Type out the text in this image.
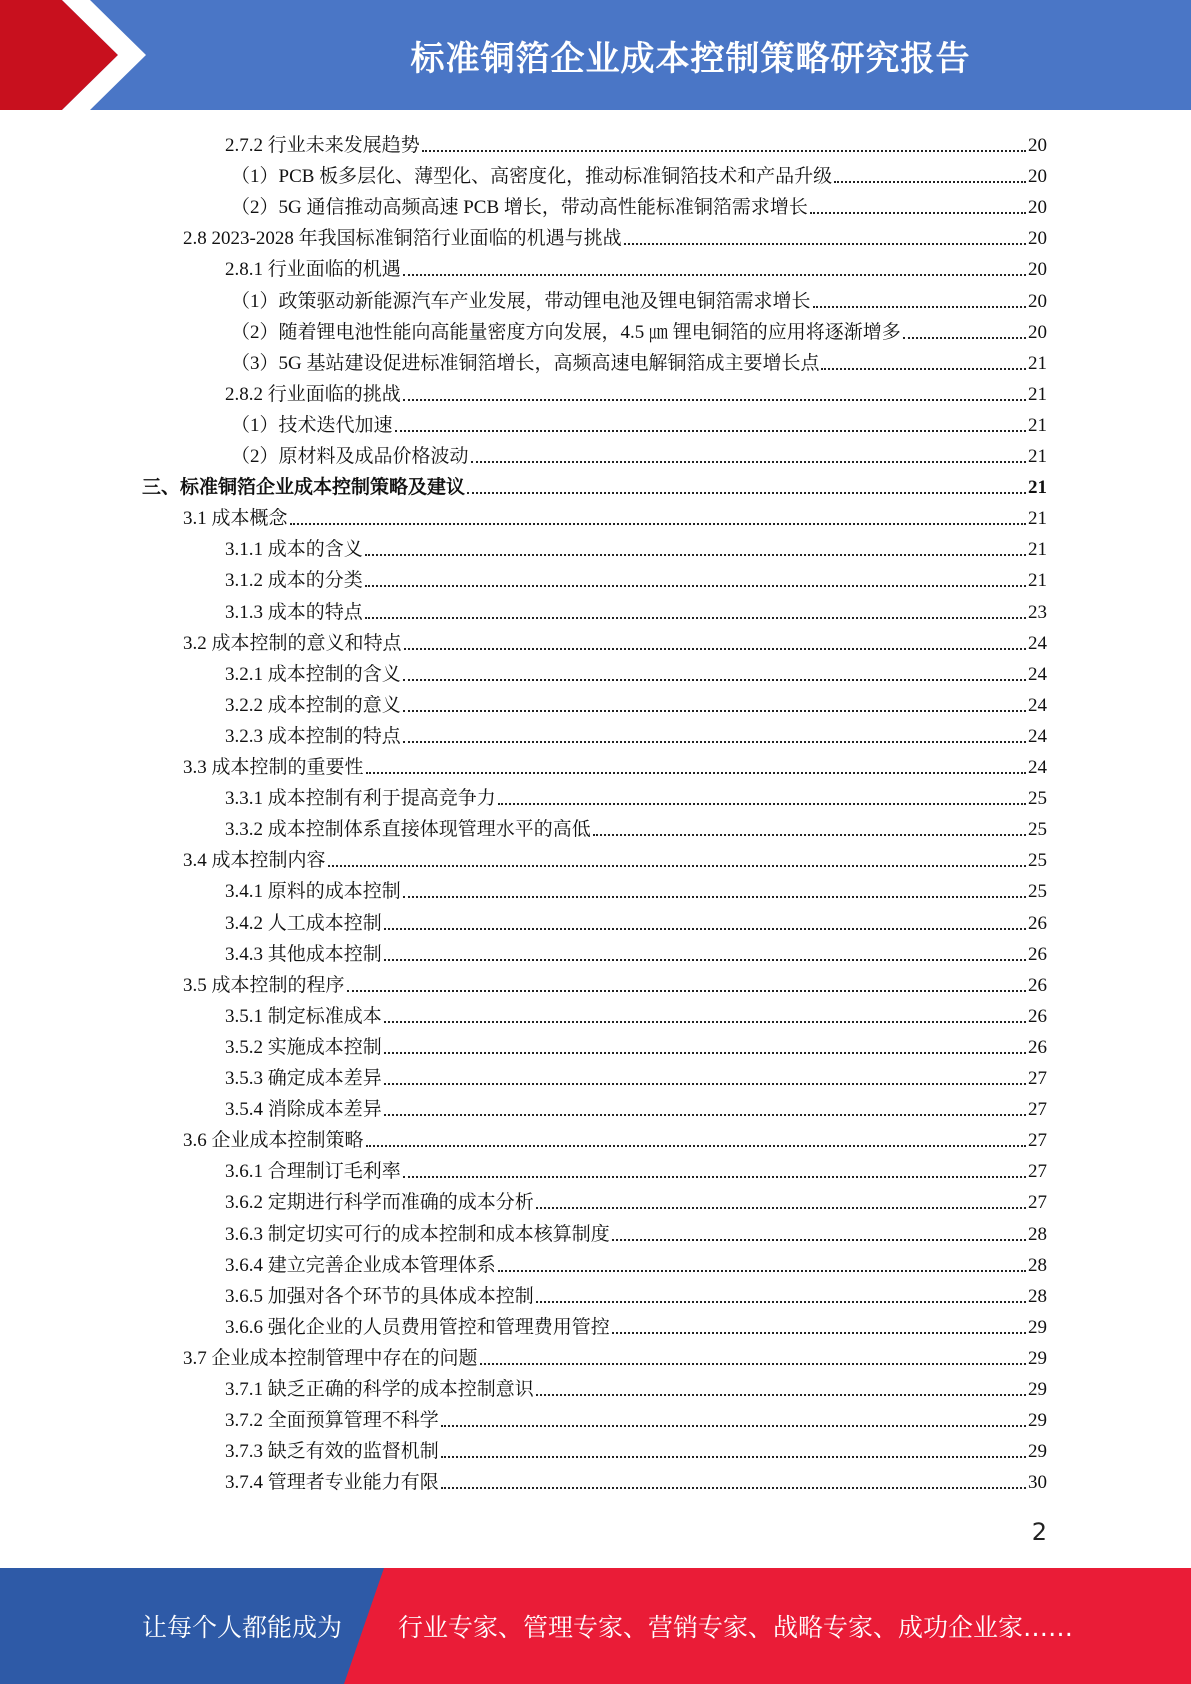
标准铜箔企业成本控制策略研究报告
2.7.2 行业未来发展趋势	20
（1）PCB 板多层化、薄型化、高密度化，推动标准铜箔技术和产品升级	20
（2）5G 通信推动高频高速 PCB 增长，带动高性能标准铜箔需求增长	20
2.8 2023-2028 年我国标准铜箔行业面临的机遇与挑战	20
2.8.1 行业面临的机遇	20
（1）政策驱动新能源汽车产业发展，带动锂电池及锂电铜箔需求增长	20
（2）随着锂电池性能向高能量密度方向发展，4.5 ㎛ 锂电铜箔的应用将逐渐增多	20
（3）5G 基站建设促进标准铜箔增长，高频高速电解铜箔成主要增长点	21
2.8.2 行业面临的挑战	21
（1）技术迭代加速	21
（2）原材料及成品价格波动	21
三、标准铜箔企业成本控制策略及建议	21
3.1 成本概念	21
3.1.1 成本的含义	21
3.1.2 成本的分类	21
3.1.3 成本的特点	23
3.2 成本控制的意义和特点	24
3.2.1 成本控制的含义	24
3.2.2 成本控制的意义	24
3.2.3 成本控制的特点	24
3.3 成本控制的重要性	24
3.3.1 成本控制有利于提高竞争力	25
3.3.2 成本控制体系直接体现管理水平的高低	25
3.4 成本控制内容	25
3.4.1 原料的成本控制	25
3.4.2 人工成本控制	26
3.4.3 其他成本控制	26
3.5 成本控制的程序	26
3.5.1 制定标准成本	26
3.5.2 实施成本控制	26
3.5.3 确定成本差异	27
3.5.4 消除成本差异	27
3.6 企业成本控制策略	27
3.6.1 合理制订毛利率	27
3.6.2 定期进行科学而准确的成本分析	27
3.6.3 制定切实可行的成本控制和成本核算制度	28
3.6.4 建立完善企业成本管理体系	28
3.6.5 加强对各个环节的具体成本控制	28
3.6.6 强化企业的人员费用管控和管理费用管控	29
3.7 企业成本控制管理中存在的问题	29
3.7.1 缺乏正确的科学的成本控制意识	29
3.7.2 全面预算管理不科学	29
3.7.3 缺乏有效的监督机制	29
3.7.4 管理者专业能力有限	30
2
让每个人都能成为 行业专家、管理专家、营销专家、战略专家、成功企业家……
